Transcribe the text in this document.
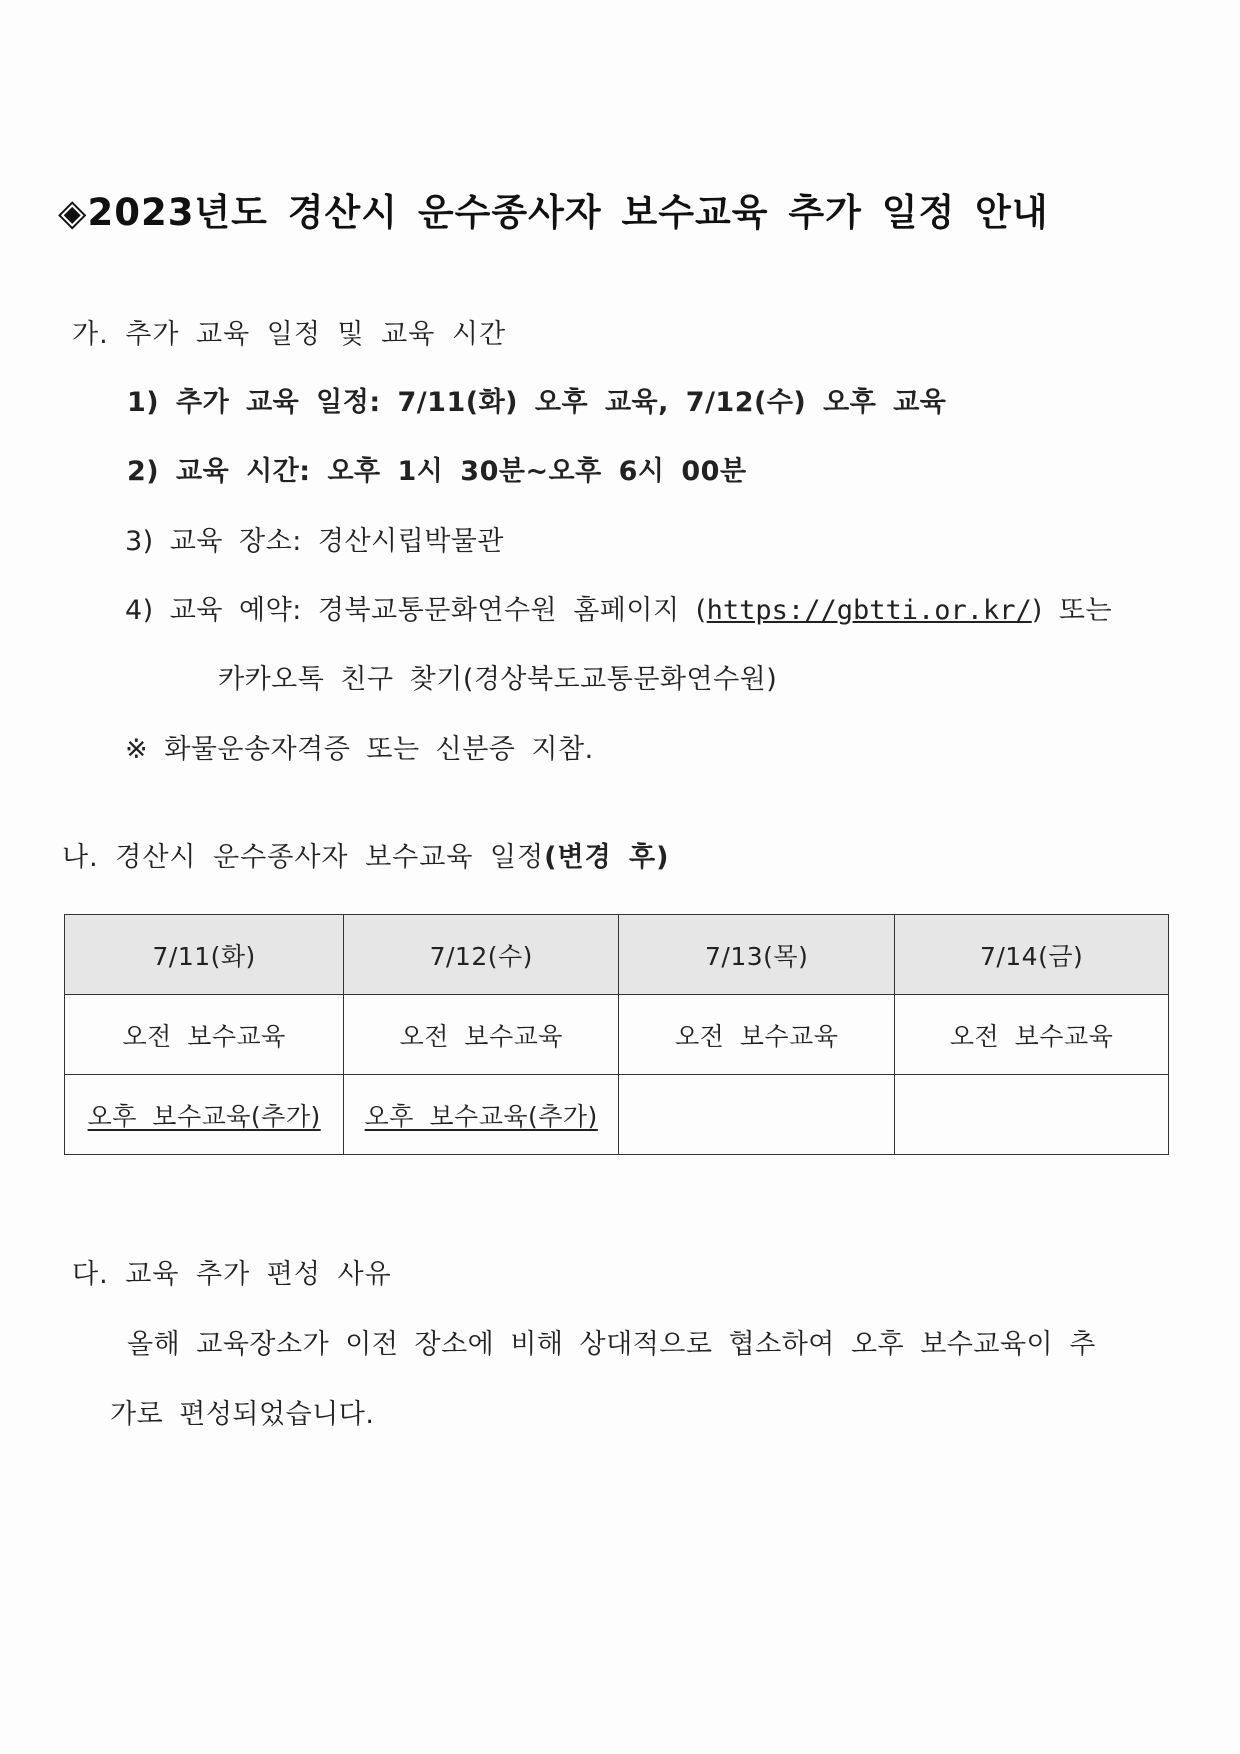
◈2023년도 경산시 운수종사자 보수교육 추가 일정 안내
가. 추가 교육 일정 및 교육 시간
1) 추가 교육 일정: 7/11(화) 오후 교육, 7/12(수) 오후 교육
2) 교육 시간: 오후 1시 30분~오후 6시 00분
3) 교육 장소: 경산시립박물관
4) 교육 예약: 경북교통문화연수원 홈페이지 (https://gbtti.or.kr/) 또는
카카오톡 친구 찾기(경상북도교통문화연수원)
※ 화물운송자격증 또는 신분증 지참.
나. 경산시 운수종사자 보수교육 일정(변경 후)
7/11(화)	7/12(수)	7/13(목)	7/14(금)
오전 보수교육	오전 보수교육	오전 보수교육	오전 보수교육
오후 보수교육(추가)	오후 보수교육(추가)		
다. 교육 추가 편성 사유
올해 교육장소가 이전 장소에 비해 상대적으로 협소하여 오후 보수교육이 추
가로 편성되었습니다.
